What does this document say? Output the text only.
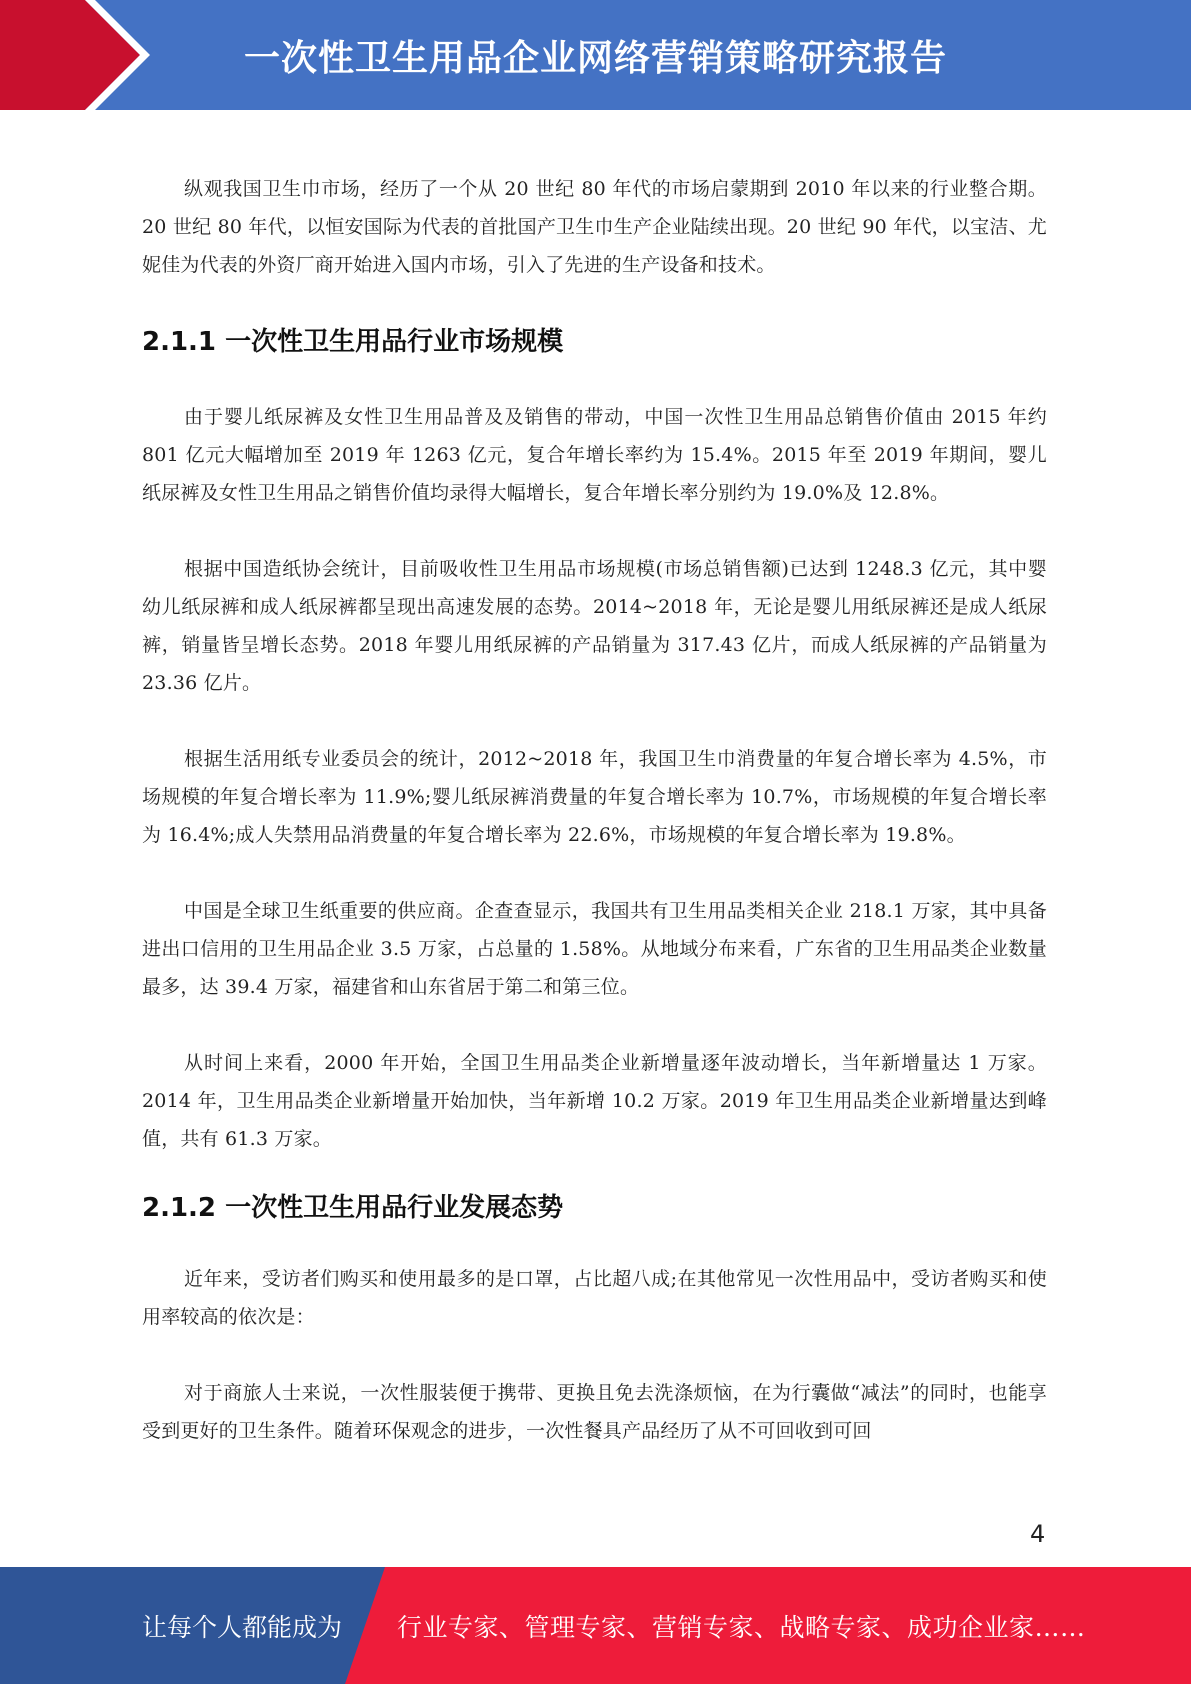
一次性卫生用品企业网络营销策略研究报告

纵观我国卫生巾市场，经历了一个从 20 世纪 80 年代的市场启蒙期到 2010 年以来的行业整合期。20 世纪 80 年代，以恒安国际为代表的首批国产卫生巾生产企业陆续出现。20 世纪 90 年代，以宝洁、尤妮佳为代表的外资厂商开始进入国内市场，引入了先进的生产设备和技术。

2.1.1 一次性卫生用品行业市场规模

由于婴儿纸尿裤及女性卫生用品普及及销售的带动，中国一次性卫生用品总销售价值由 2015 年约 801 亿元大幅增加至 2019 年 1263 亿元，复合年增长率约为 15.4%。2015 年至 2019 年期间，婴儿纸尿裤及女性卫生用品之销售价值均录得大幅增长，复合年增长率分别约为 19.0%及 12.8%。

根据中国造纸协会统计，目前吸收性卫生用品市场规模(市场总销售额)已达到 1248.3 亿元，其中婴幼儿纸尿裤和成人纸尿裤都呈现出高速发展的态势。2014~2018 年，无论是婴儿用纸尿裤还是成人纸尿裤，销量皆呈增长态势。2018 年婴儿用纸尿裤的产品销量为 317.43 亿片，而成人纸尿裤的产品销量为 23.36 亿片。

根据生活用纸专业委员会的统计，2012~2018 年，我国卫生巾消费量的年复合增长率为 4.5%，市场规模的年复合增长率为 11.9%;婴儿纸尿裤消费量的年复合增长率为 10.7%，市场规模的年复合增长率为 16.4%;成人失禁用品消费量的年复合增长率为 22.6%，市场规模的年复合增长率为 19.8%。

中国是全球卫生纸重要的供应商。企查查显示，我国共有卫生用品类相关企业 218.1 万家，其中具备进出口信用的卫生用品企业 3.5 万家，占总量的 1.58%。从地域分布来看，广东省的卫生用品类企业数量最多，达 39.4 万家，福建省和山东省居于第二和第三位。

从时间上来看，2000 年开始，全国卫生用品类企业新增量逐年波动增长，当年新增量达 1 万家。2014 年，卫生用品类企业新增量开始加快，当年新增 10.2 万家。2019 年卫生用品类企业新增量达到峰值，共有 61.3 万家。

2.1.2 一次性卫生用品行业发展态势

近年来，受访者们购买和使用最多的是口罩，占比超八成;在其他常见一次性用品中，受访者购买和使用率较高的依次是：

对于商旅人士来说，一次性服装便于携带、更换且免去洗涤烦恼，在为行囊做“减法”的同时，也能享受到更好的卫生条件。随着环保观念的进步，一次性餐具产品经历了从不可回收到可回

4
让每个人都能成为 行业专家、管理专家、营销专家、战略专家、成功企业家……
